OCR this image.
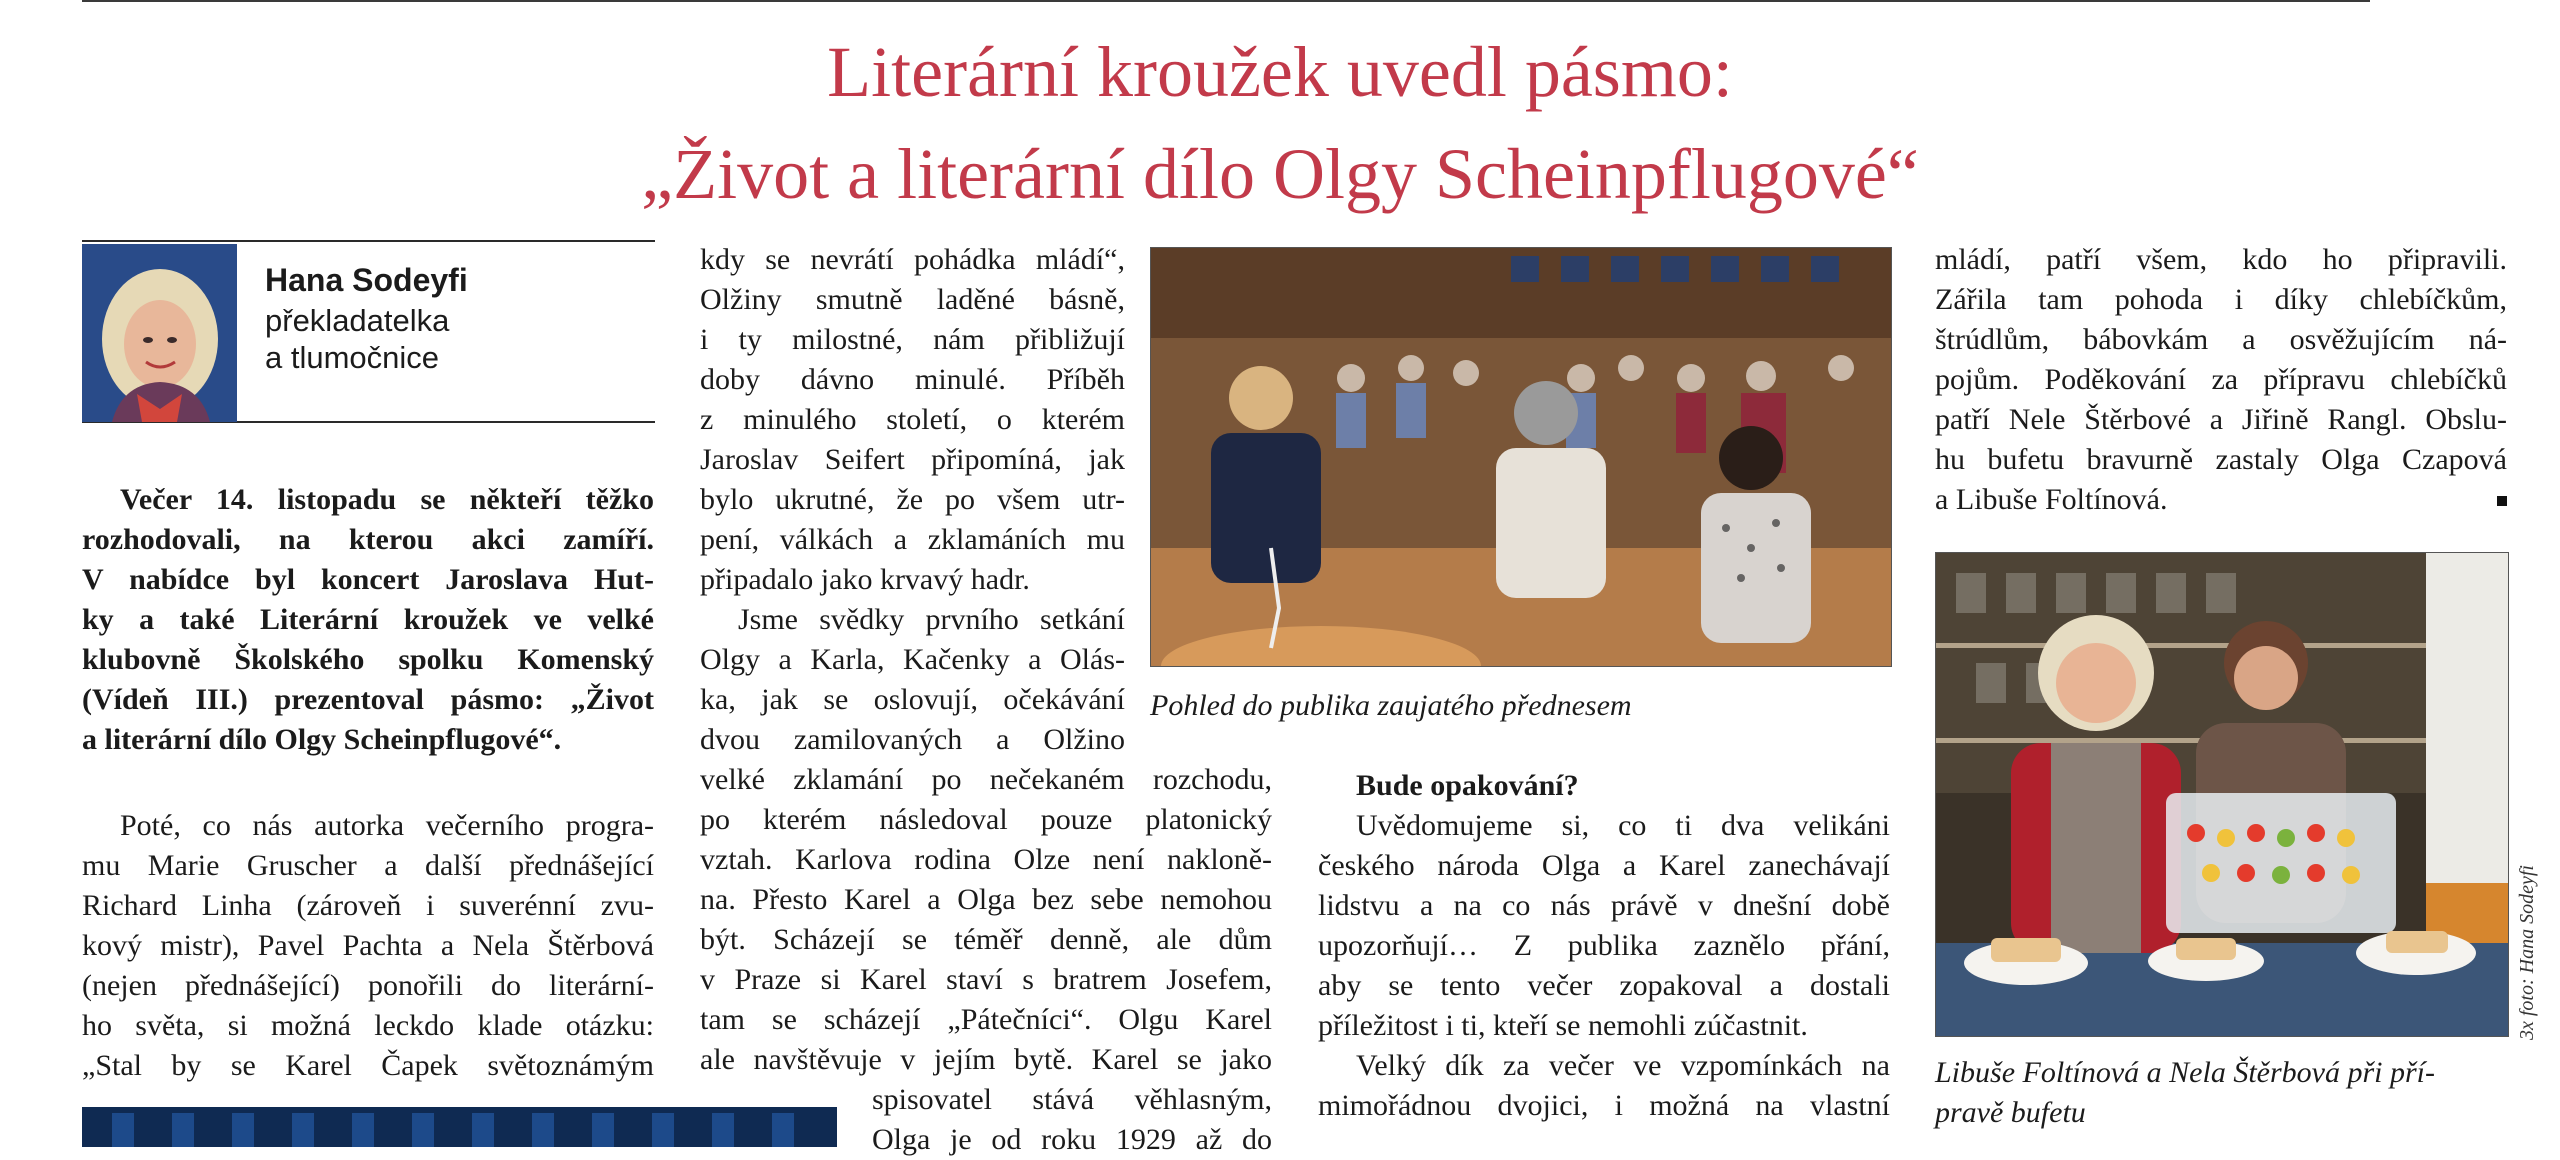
Literární kroužek uvedl pásmo:
„Život a literární dílo Olgy Scheinpflugové“
Hana Sodeyfi
překladatelka
a tlumočnice

Večer 14. listopadu se někteří těžko

rozhodovali, na kterou akci zamíří.

V nabídce byl koncert Jaroslava Hut-

ky a také Literární kroužek ve velké

klubovně Školského spolku Komenský

(Vídeň III.) prezentoval pásmo: „Život

a literární dílo Olgy Scheinpflugové“.

Poté, co nás autorka večerního progra-

mu Marie Gruscher a další přednášející

Richard Linha (zároveň i suverénní zvu-

kový mistr), Pavel Pachta a Nela Štěrbová

(nejen přednášející) ponořili do literární-

ho světa, si možná leckdo klade otázku:

„Stal by se Karel Čapek světoznámým

kdy se nevrátí pohádka mládí“,

Olžiny smutně laděné básně,

i ty milostné, nám přibližují

doby dávno minulé. Příběh

z minulého století, o kterém

Jaroslav Seifert připomíná, jak

bylo ukrutné, že po všem utr-

pení, válkách a zklamáních mu

připadalo jako krvavý hadr.

Jsme svědky prvního setkání

Olgy a Karla, Kačenky a Olás-

ka, jak se oslovují, očekávání

dvou zamilovaných a Olžino

velké zklamání po nečekaném rozchodu,

po kterém následoval pouze platonický

vztah. Karlova rodina Olze není nakloně-

na. Přesto Karel a Olga bez sebe nemohou

být. Scházejí se téměř denně, ale dům

v Praze si Karel staví s bratrem Josefem,

tam se scházejí „Pátečníci“. Olgu Karel

ale navštěvuje v jejím bytě. Karel se jako

spisovatel stává věhlasným,

Olga je od roku 1929 až do

Pohled do publika zaujatého přednesem

Bude opakování?

Uvědomujeme si, co ti dva velikáni

českého národa Olga a Karel zanechávají

lidstvu a na co nás právě v dnešní době

upozorňují… Z publika zaznělo přání,

aby se tento večer zopakoval a dostali

příležitost i ti, kteří se nemohli zúčastnit.

Velký dík za večer ve vzpomínkách na

mimořádnou dvojici, i možná na vlastní

mládí, patří všem, kdo ho připravili.

Zářila tam pohoda i díky chlebíčkům,

štrúdlům, bábovkám a osvěžujícím ná-

pojům. Poděkování za přípravu chlebíčků

patří Nele Štěrbové a Jiřině Rangl. Obslu-

hu bufetu bravurně zastaly Olga Czapová

a Libuše Foltínová.

Libuše Foltínová a Nela Štěrbová při pří-
pravě bufetu
3x foto: Hana Sodeyfi
